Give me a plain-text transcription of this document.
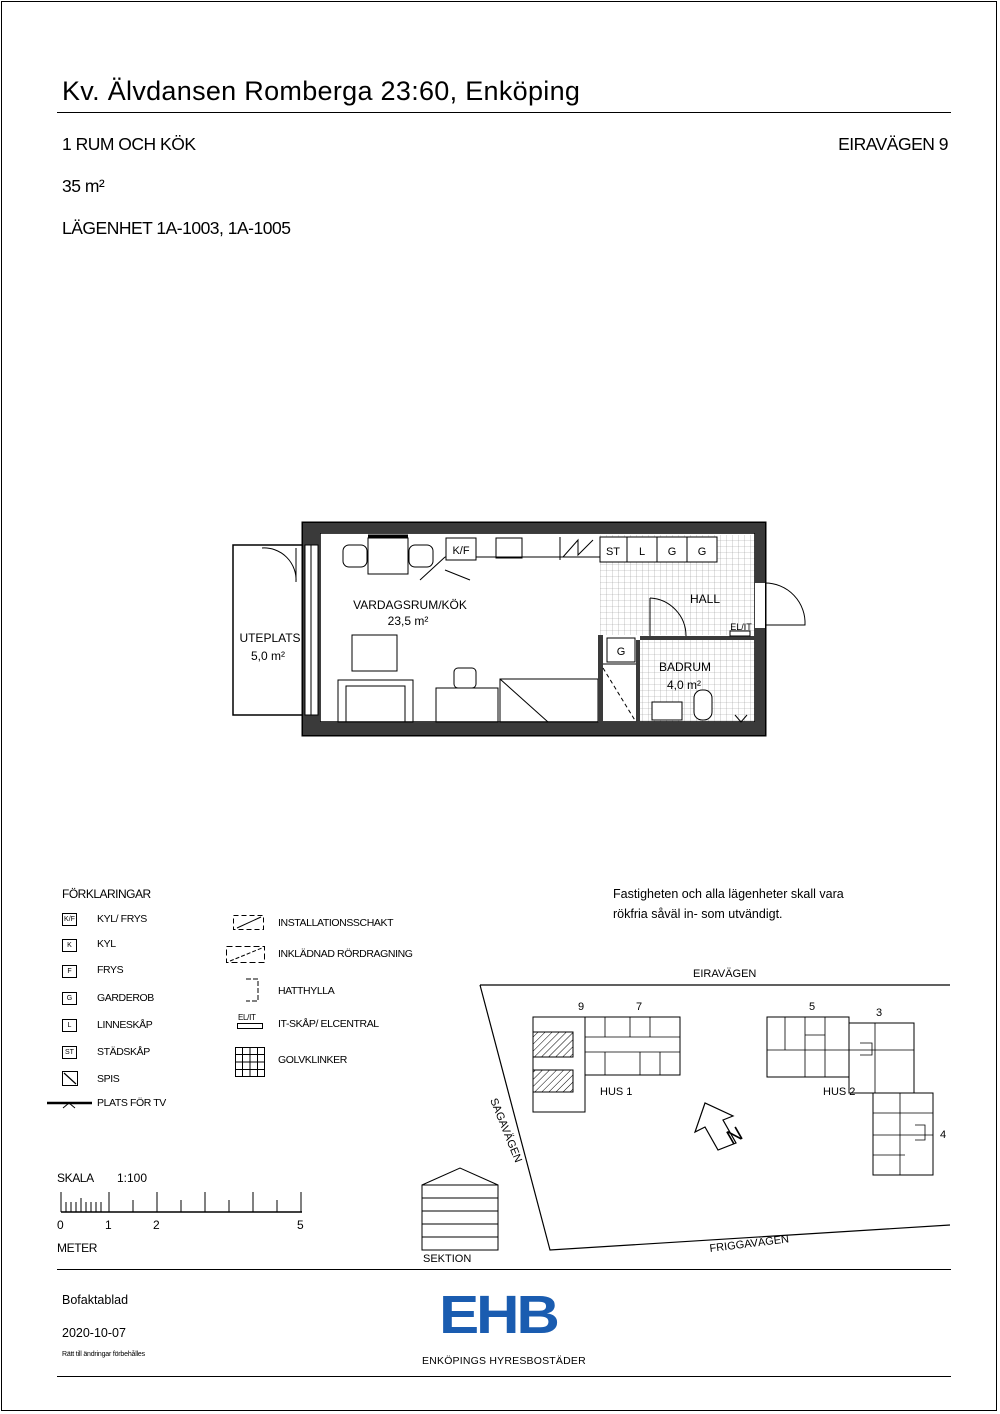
Kv. Älvdansen Romberga 23:60, Enköping
1 RUM OCH KÖK	EIRAVÄGEN 9
35 m²
LÄGENHET 1A-1003, 1A-1005
VARDAGSRUM/KÖK
23,5 m²
UTEPLATS
5,0 m²
HALL
BADRUM
4,0 m²
K/F	ST L G G
G
EL/IT
FÖRKLARINGAR
K/F KYL/ FRYS
K	KYL
F	FRYS
G	GARDEROB
L	LINNESKÅP
ST STÄDSKÅP
SPIS
PLATS FÖR TV
INSTALLATIONSSCHAKT
INKLÄDNAD RÖRDRAGNING
HATTHYLLA
EL/IT
IT-SKÅP/ ELCENTRAL
GOLVKLINKER
SKALA 1:100
0	1	2	5
METER
Fastigheten och alla lägenheter skall vara
rökfria såväl in- som utvändigt.
EIRAVÄGEN
SAGAVÄGEN
FRIGGAVÄGEN
HUS 1	HUS 2
9	7	5	3
4
N
SEKTION
Bofaktablad
2020-10-07
Rätt till ändringar förbehålles
EHB
ENKÖPINGS HYRESBOSTÄDER
